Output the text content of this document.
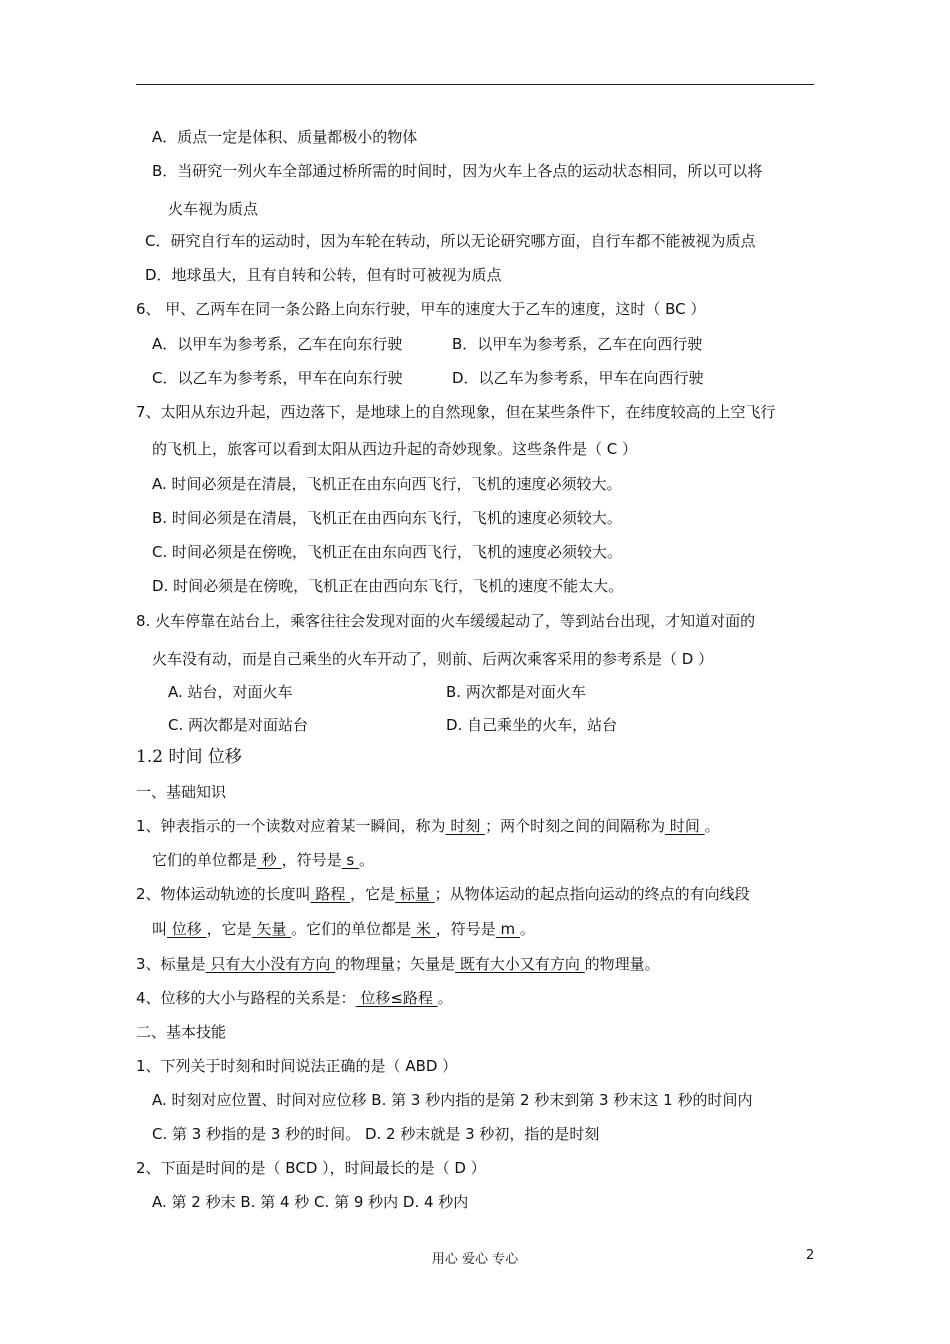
A．质点一定是体积、质量都极小的物体
B．当研究一列火车全部通过桥所需的时间时，因为火车上各点的运动状态相同，所以可以将
火车视为质点
C．研究自行车的运动时，因为车轮在转动，所以无论研究哪方面，自行车都不能被视为质点
D．地球虽大，且有自转和公转，但有时可被视为质点
6、 甲、乙两车在同一条公路上向东行驶，甲车的速度大于乙车的速度，这时（ BC ）
A．以甲车为参考系，乙车在向东行驶	B．以甲车为参考系，乙车在向西行驶
C．以乙车为参考系，甲车在向东行驶	D．以乙车为参考系，甲车在向西行驶
7、太阳从东边升起，西边落下，是地球上的自然现象，但在某些条件下，在纬度较高的上空飞行
的飞机上，旅客可以看到太阳从西边升起的奇妙现象。这些条件是（ C ）
A. 时间必须是在清晨，飞机正在由东向西飞行，飞机的速度必须较大。
B. 时间必须是在清晨，飞机正在由西向东飞行，飞机的速度必须较大。
C. 时间必须是在傍晚，飞机正在由东向西飞行，飞机的速度必须较大。
D. 时间必须是在傍晚，飞机正在由西向东飞行，飞机的速度不能太大。
8. 火车停靠在站台上，乘客往往会发现对面的火车缓缓起动了，等到站台出现，才知道对面的
火车没有动，而是自己乘坐的火车开动了，则前、后两次乘客采用的参考系是（ D ）
A. 站台，对面火车	B. 两次都是对面火车
C. 两次都是对面站台	D. 自己乘坐的火车，站台
1.2 时间 位移
一、基础知识
1、钟表指示的一个读数对应着某一瞬间，称为 时刻 ；两个时刻之间的间隔称为 时间 。
它们的单位都是 秒 ，符号是 s 。
2、物体运动轨迹的长度叫 路程 ，它是 标量 ；从物体运动的起点指向运动的终点的有向线段
叫 位移 ，它是 矢量 。它们的单位都是 米 ，符号是 m 。
3、标量是 只有大小没有方向 的物理量；矢量是 既有大小又有方向 的物理量。
4、位移的大小与路程的关系是： 位移≤路程 。
二、基本技能
1、下列关于时刻和时间说法正确的是（ ABD ）
A. 时刻对应位置、时间对应位移 B. 第 3 秒内指的是第 2 秒末到第 3 秒末这 1 秒的时间内
C. 第 3 秒指的是 3 秒的时间。 D. 2 秒末就是 3 秒初，指的是时刻
2、下面是时间的是（ BCD ），时间最长的是（ D ）
A. 第 2 秒末 B. 第 4 秒 C. 第 9 秒内 D. 4 秒内
用心 爱心 专心	2
